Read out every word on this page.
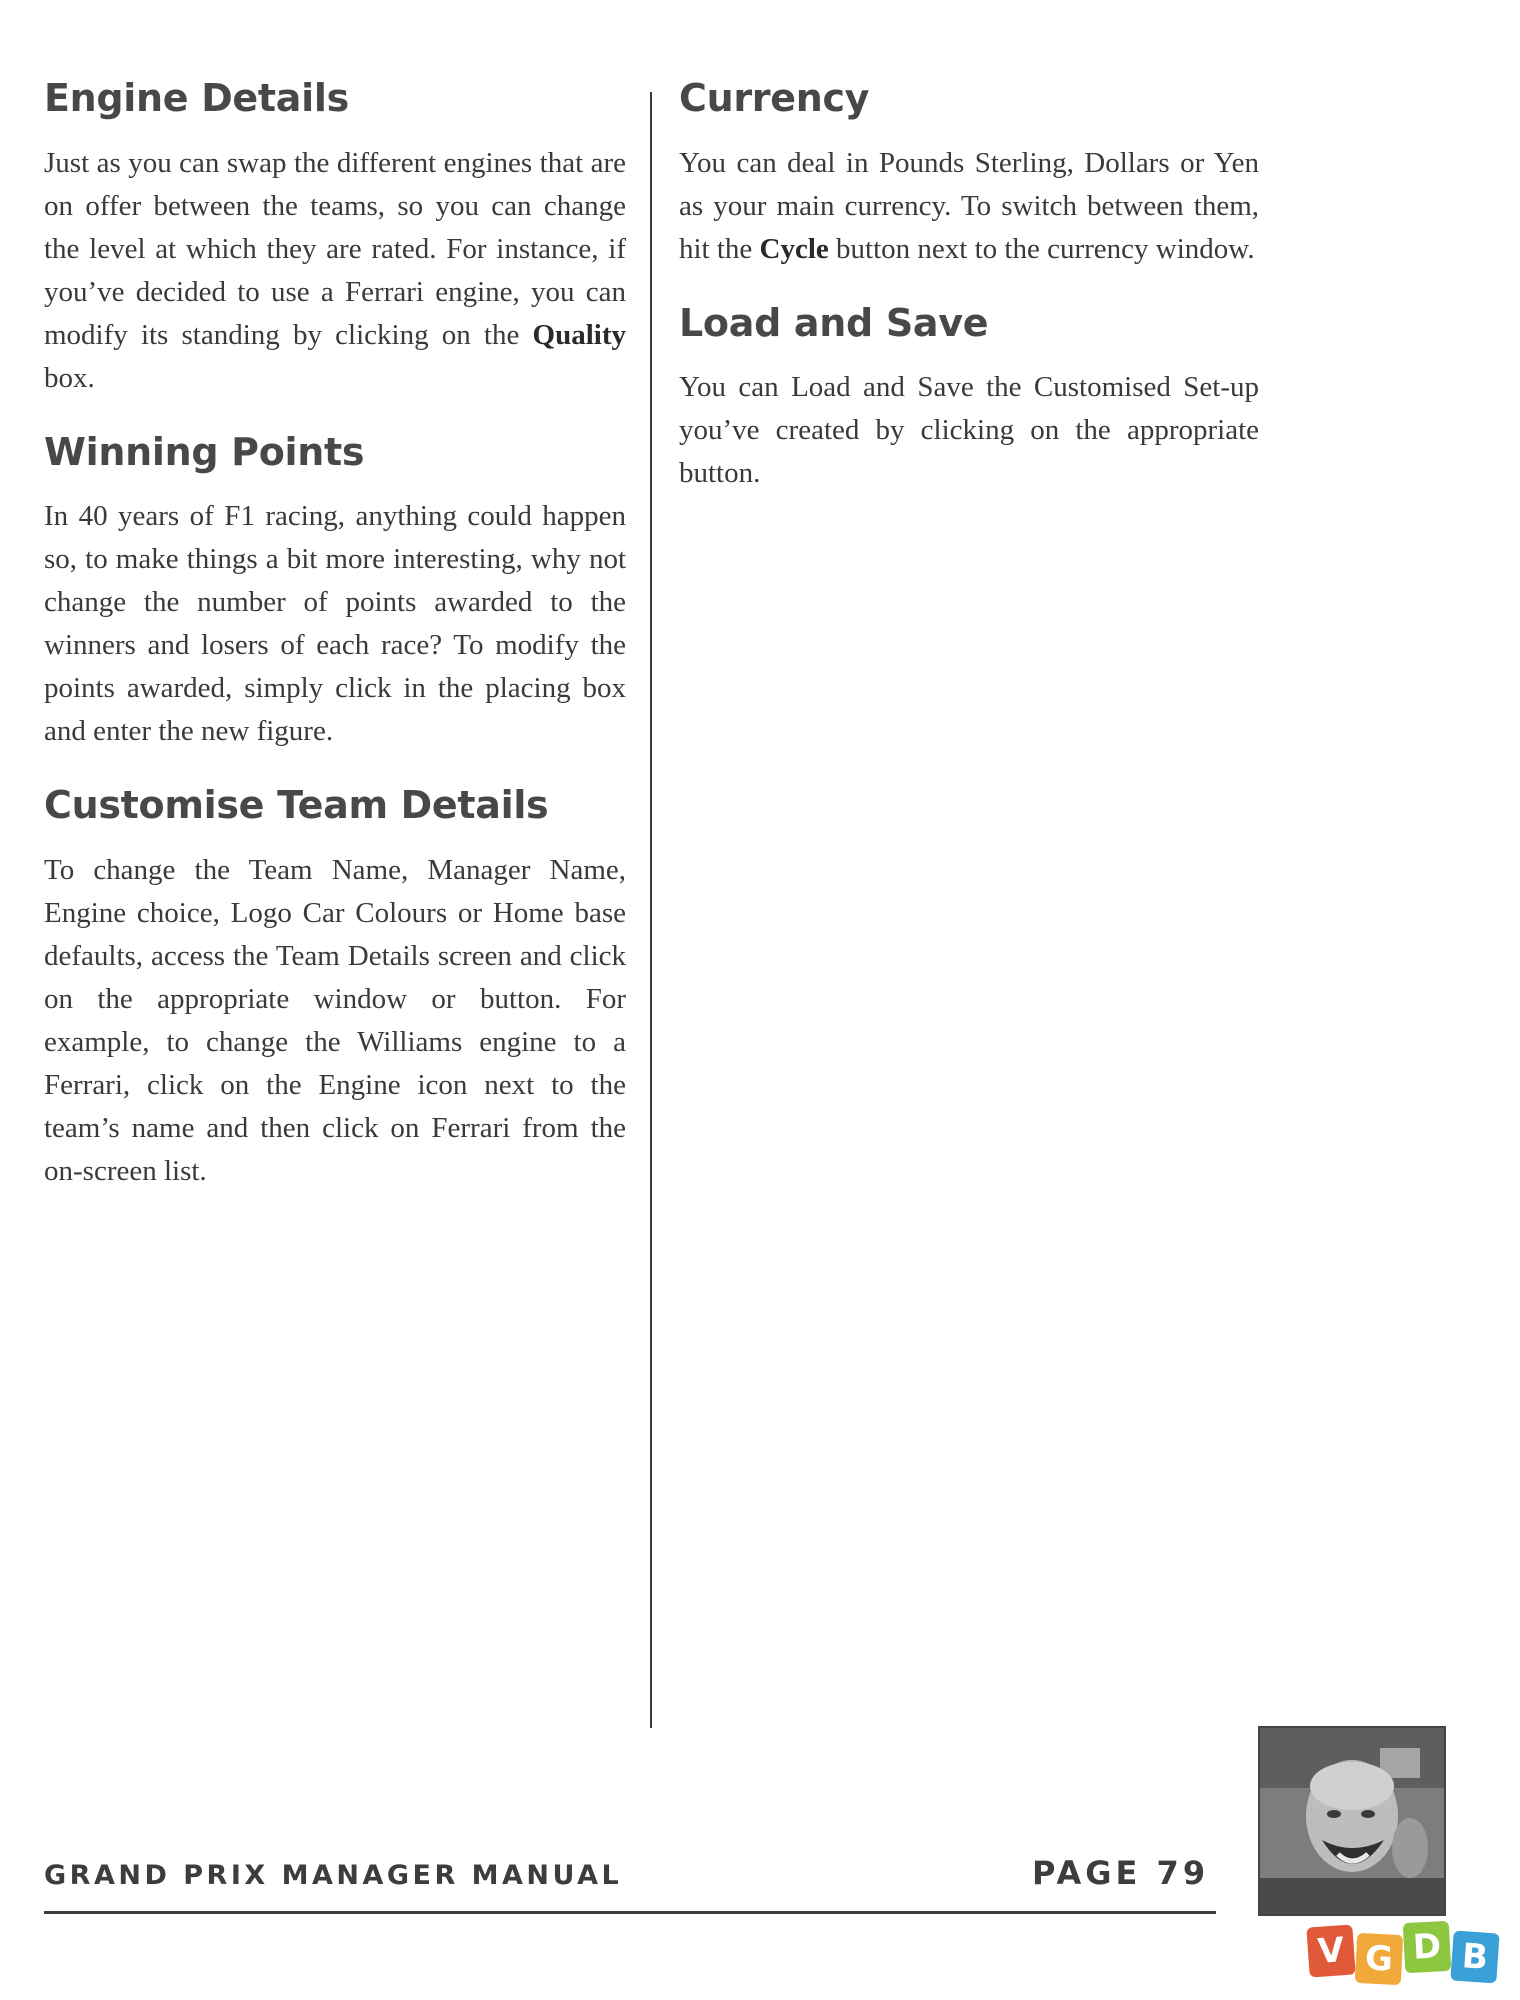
Engine Details

Just as you can swap the different engines that are on offer between the teams, so you can change the level at which they are rated. For instance, if you’ve decided to use a Ferrari engine, you can modify its standing by clicking on the Quality box.

Winning Points

In 40 years of F1 racing, anything could happen so, to make things a bit more interesting, why not change the number of points awarded to the winners and losers of each race? To modify the points awarded, simply click in the placing box and enter the new figure.

Customise Team Details

To change the Team Name, Manager Name, Engine choice, Logo Car Colours or Home base defaults, access the Team Details screen and click on the appropriate window or button. For example, to change the Williams engine to a Ferrari, click on the Engine icon next to the team’s name and then click on Ferrari from the on-screen list.

Currency

You can deal in Pounds Sterling, Dollars or Yen as your main currency. To switch between them, hit the Cycle button next to the currency window.

Load and Save

You can Load and Save the Customised Set-up you’ve created by clicking on the appropriate button.

GRAND PRIX MANAGER MANUAL	PAGE 79
V G D B
